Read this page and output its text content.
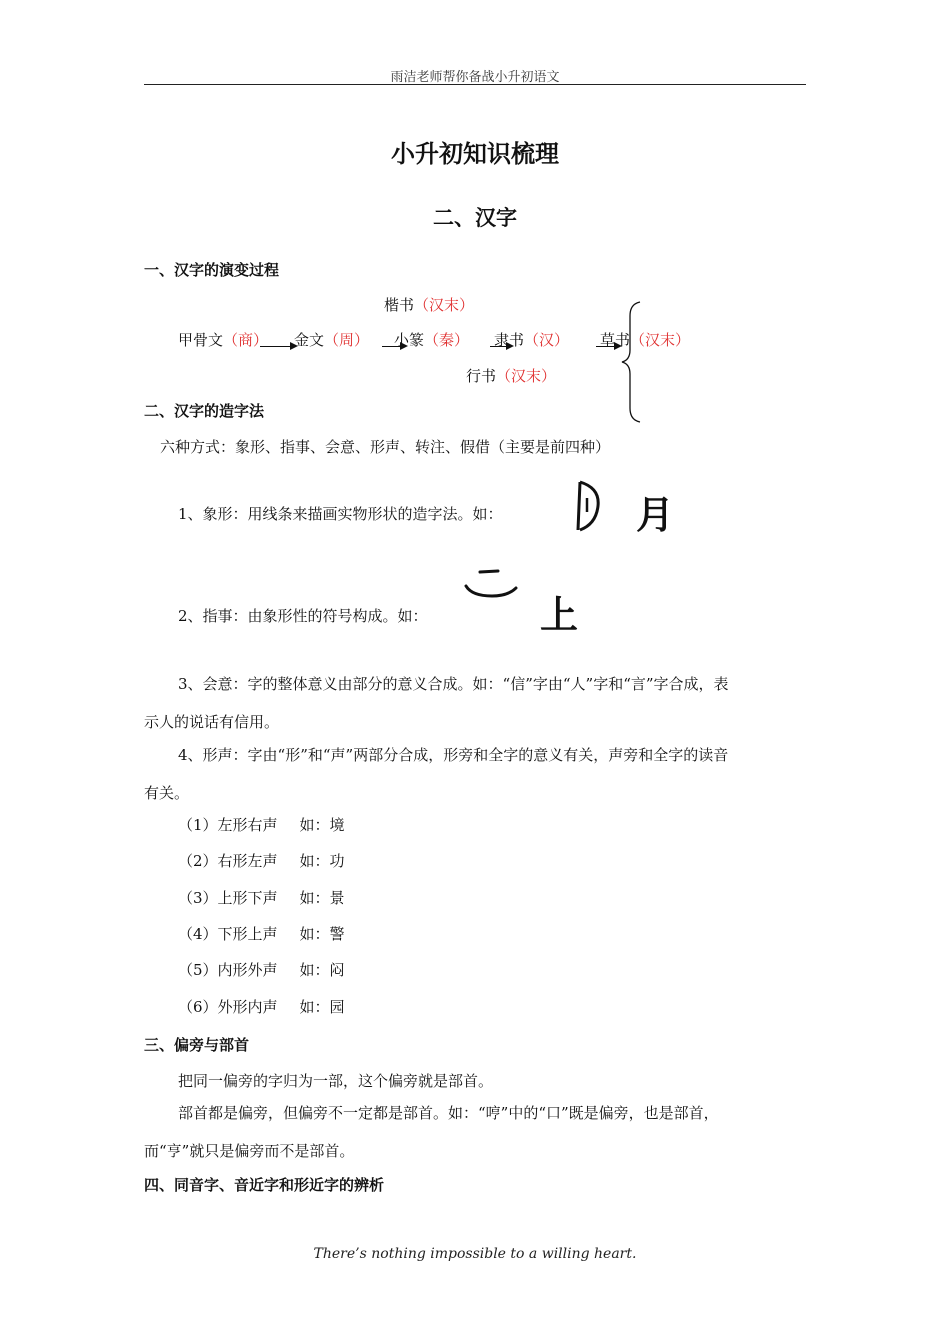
雨洁老师帮你备战小升初语文
小升初知识梳理
二、汉字
一、汉字的演变过程
楷书（汉末）
甲骨文（商） 金文（周） 小篆（秦） 隶书（汉） 草书（汉末）
行书（汉末）
二、汉字的造字法
六种方式：象形、指事、会意、形声、转注、假借（主要是前四种）
1、象形：用线条来描画实物形状的造字法。如：	月
2、指事：由象形性的符号构成。如：	上
3、会意：字的整体意义由部分的意义合成。如：“信”字由“人”字和“言”字合成，表
示人的说话有信用。
4、形声：字由“形”和“声”两部分合成，形旁和全字的意义有关，声旁和全字的读音
有关。
（1）左形右声 如：境
（2）右形左声 如：功
（3）上形下声 如：景
（4）下形上声 如：警
（5）内形外声 如：闷
（6）外形内声 如：园
三、偏旁与部首
把同一偏旁的字归为一部，这个偏旁就是部首。
部首都是偏旁，但偏旁不一定都是部首。如：“哼”中的“口”既是偏旁，也是部首，
而“亨”就只是偏旁而不是部首。
四、同音字、音近字和形近字的辨析
There’s nothing impossible to a willing heart.
